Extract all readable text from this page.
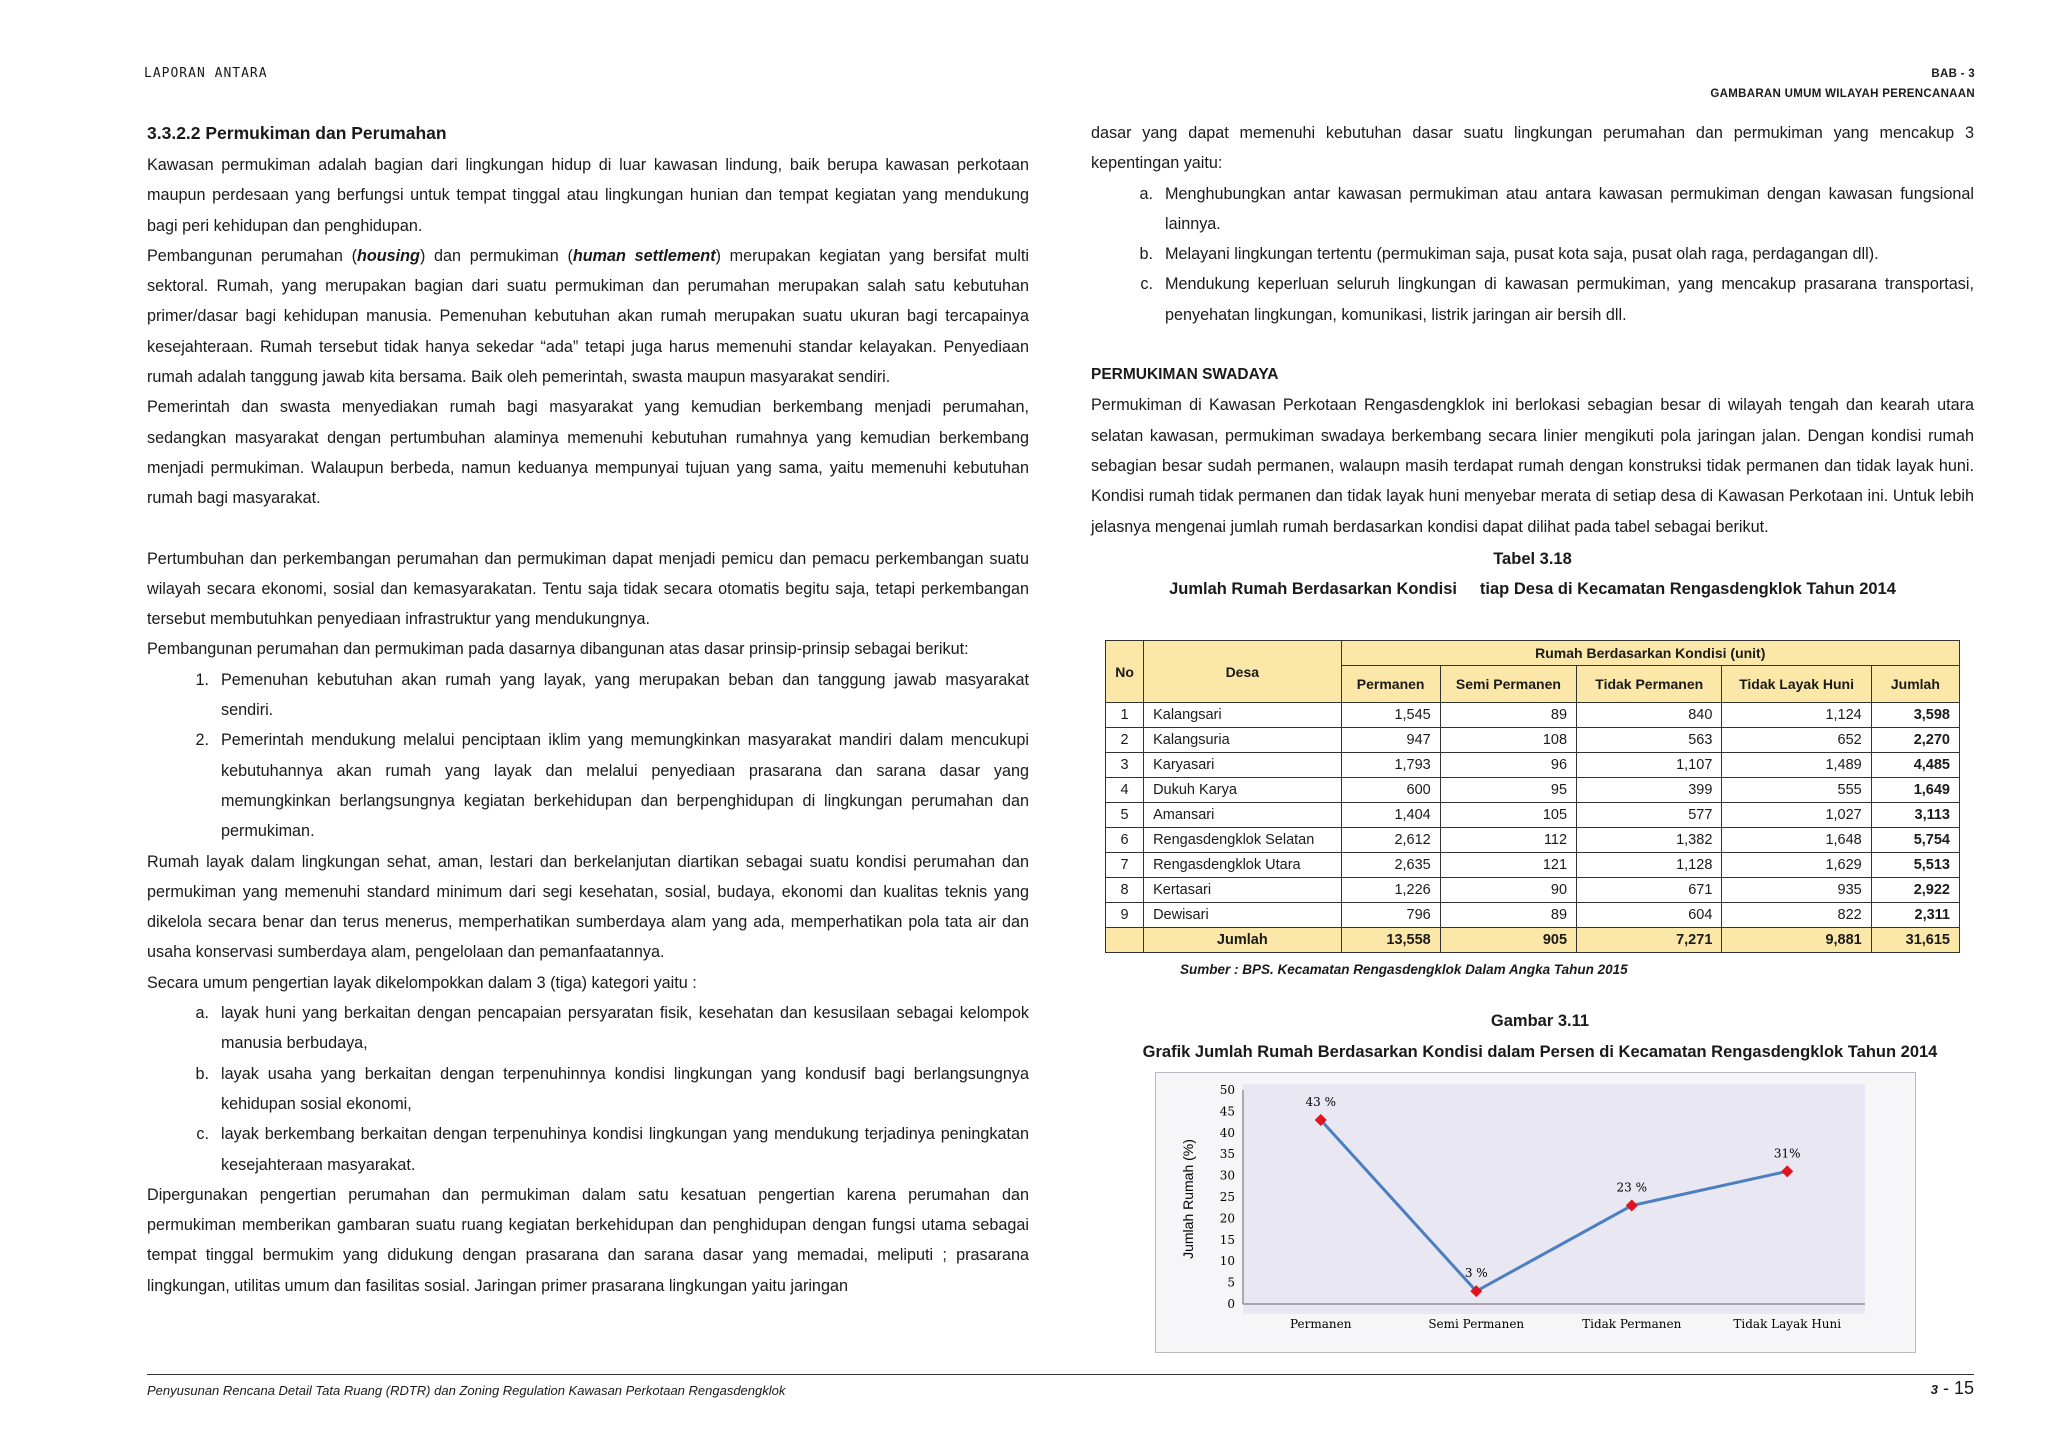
LAPORAN ANTARA	BAB - 3
GAMBARAN UMUM WILAYAH PERENCANAAN
3.3.2.2 Permukiman dan Perumahan

Kawasan permukiman adalah bagian dari lingkungan hidup di luar kawasan lindung, baik berupa kawasan perkotaan maupun perdesaan yang berfungsi untuk tempat tinggal atau lingkungan hunian dan tempat kegiatan yang mendukung bagi peri kehidupan dan penghidupan.

Pembangunan perumahan (housing) dan permukiman (human settlement) merupakan kegiatan yang bersifat multi sektoral. Rumah, yang merupakan bagian dari suatu permukiman dan perumahan merupakan salah satu kebutuhan primer/dasar bagi kehidupan manusia. Pemenuhan kebutuhan akan rumah merupakan suatu ukuran bagi tercapainya kesejahteraan. Rumah tersebut tidak hanya sekedar “ada” tetapi juga harus memenuhi standar kelayakan. Penyediaan rumah adalah tanggung jawab kita bersama. Baik oleh pemerintah, swasta maupun masyarakat sendiri.

Pemerintah dan swasta menyediakan rumah bagi masyarakat yang kemudian berkembang menjadi perumahan, sedangkan masyarakat dengan pertumbuhan alaminya memenuhi kebutuhan rumahnya yang kemudian berkembang menjadi permukiman. Walaupun berbeda, namun keduanya mempunyai tujuan yang sama, yaitu memenuhi kebutuhan rumah bagi masyarakat.

Pertumbuhan dan perkembangan perumahan dan permukiman dapat menjadi pemicu dan pemacu perkembangan suatu wilayah secara ekonomi, sosial dan kemasyarakatan. Tentu saja tidak secara otomatis begitu saja, tetapi perkembangan tersebut membutuhkan penyediaan infrastruktur yang mendukungnya.

Pembangunan perumahan dan permukiman pada dasarnya dibangunan atas dasar prinsip-prinsip sebagai berikut:

1. Pemenuhan kebutuhan akan rumah yang layak, yang merupakan beban dan tanggung jawab masyarakat sendiri.
2. Pemerintah mendukung melalui penciptaan iklim yang memungkinkan masyarakat mandiri dalam mencukupi kebutuhannya akan rumah yang layak dan melalui penyediaan prasarana dan sarana dasar yang memungkinkan berlangsungnya kegiatan berkehidupan dan berpenghidupan di lingkungan perumahan dan permukiman.

Rumah layak dalam lingkungan sehat, aman, lestari dan berkelanjutan diartikan sebagai suatu kondisi perumahan dan permukiman yang memenuhi standard minimum dari segi kesehatan, sosial, budaya, ekonomi dan kualitas teknis yang dikelola secara benar dan terus menerus, memperhatikan sumberdaya alam yang ada, memperhatikan pola tata air dan usaha konservasi sumberdaya alam, pengelolaan dan pemanfaatannya.

Secara umum pengertian layak dikelompokkan dalam 3 (tiga) kategori yaitu :

a. layak huni yang berkaitan dengan pencapaian persyaratan fisik, kesehatan dan kesusilaan sebagai kelompok manusia berbudaya,
b. layak usaha yang berkaitan dengan terpenuhinnya kondisi lingkungan yang kondusif bagi berlangsungnya kehidupan sosial ekonomi,
c. layak berkembang berkaitan dengan terpenuhinya kondisi lingkungan yang mendukung terjadinya peningkatan kesejahteraan masyarakat.

Dipergunakan pengertian perumahan dan permukiman dalam satu kesatuan pengertian karena perumahan dan permukiman memberikan gambaran suatu ruang kegiatan berkehidupan dan penghidupan dengan fungsi utama sebagai tempat tinggal bermukim yang didukung dengan prasarana dan sarana dasar yang memadai, meliputi ; prasarana lingkungan, utilitas umum dan fasilitas sosial. Jaringan primer prasarana lingkungan yaitu jaringan

dasar yang dapat memenuhi kebutuhan dasar suatu lingkungan perumahan dan permukiman yang mencakup 3 kepentingan yaitu:

a. Menghubungkan antar kawasan permukiman atau antara kawasan permukiman dengan kawasan fungsional lainnya.
b. Melayani lingkungan tertentu (permukiman saja, pusat kota saja, pusat olah raga, perdagangan dll).
c. Mendukung keperluan seluruh lingkungan di kawasan permukiman, yang mencakup prasarana transportasi, penyehatan lingkungan, komunikasi, listrik jaringan air bersih dll.
PERMUKIMAN SWADAYA

Permukiman di Kawasan Perkotaan Rengasdengklok ini berlokasi sebagian besar di wilayah tengah dan kearah utara selatan kawasan, permukiman swadaya berkembang secara linier mengikuti pola jaringan jalan. Dengan kondisi rumah sebagian besar sudah permanen, walaupn masih terdapat rumah dengan konstruksi tidak permanen dan tidak layak huni. Kondisi rumah tidak permanen dan tidak layak huni menyebar merata di setiap desa di Kawasan Perkotaan ini. Untuk lebih jelasnya mengenai jumlah rumah berdasarkan kondisi dapat dilihat pada tabel sebagai berikut.

Tabel 3.18
Jumlah Rumah Berdasarkan Kondisi     tiap Desa di Kecamatan Rengasdengklok Tahun 2014
No	Desa	Rumah Berdasarkan Kondisi (unit)				
		Permanen	Semi Permanen	Tidak Permanen	Tidak Layak Huni	Jumlah
1	Kalangsari	1,545	89	840	1,124	3,598
2	Kalangsuria	947	108	563	652	2,270
3	Karyasari	1,793	96	1,107	1,489	4,485
4	Dukuh Karya	600	95	399	555	1,649
5	Amansari	1,404	105	577	1,027	3,113
6	Rengasdengklok Selatan	2,612	112	1,382	1,648	5,754
7	Rengasdengklok Utara	2,635	121	1,128	1,629	5,513
8	Kertasari	1,226	90	671	935	2,922
9	Dewisari	796	89	604	822	2,311
	Jumlah	13,558	905	7,271	9,881	31,615
Sumber : BPS. Kecamatan Rengasdengklok Dalam Angka Tahun 2015
Gambar 3.11
Grafik Jumlah Rumah Berdasarkan Kondisi dalam Persen di Kecamatan Rengasdengklok Tahun 2014
0
5
10
15
20
25
30
35
40
45
50
Permanen	Semi Permanen	Tidak Permanen	Tidak Layak Huni
Jumlah Rumah (%)
43 %
3 %
23 %
31%
Penyusunan Rencana Detail Tata Ruang (RDTR) dan Zoning Regulation Kawasan Perkotaan Rengasdengklok	3 - 15
